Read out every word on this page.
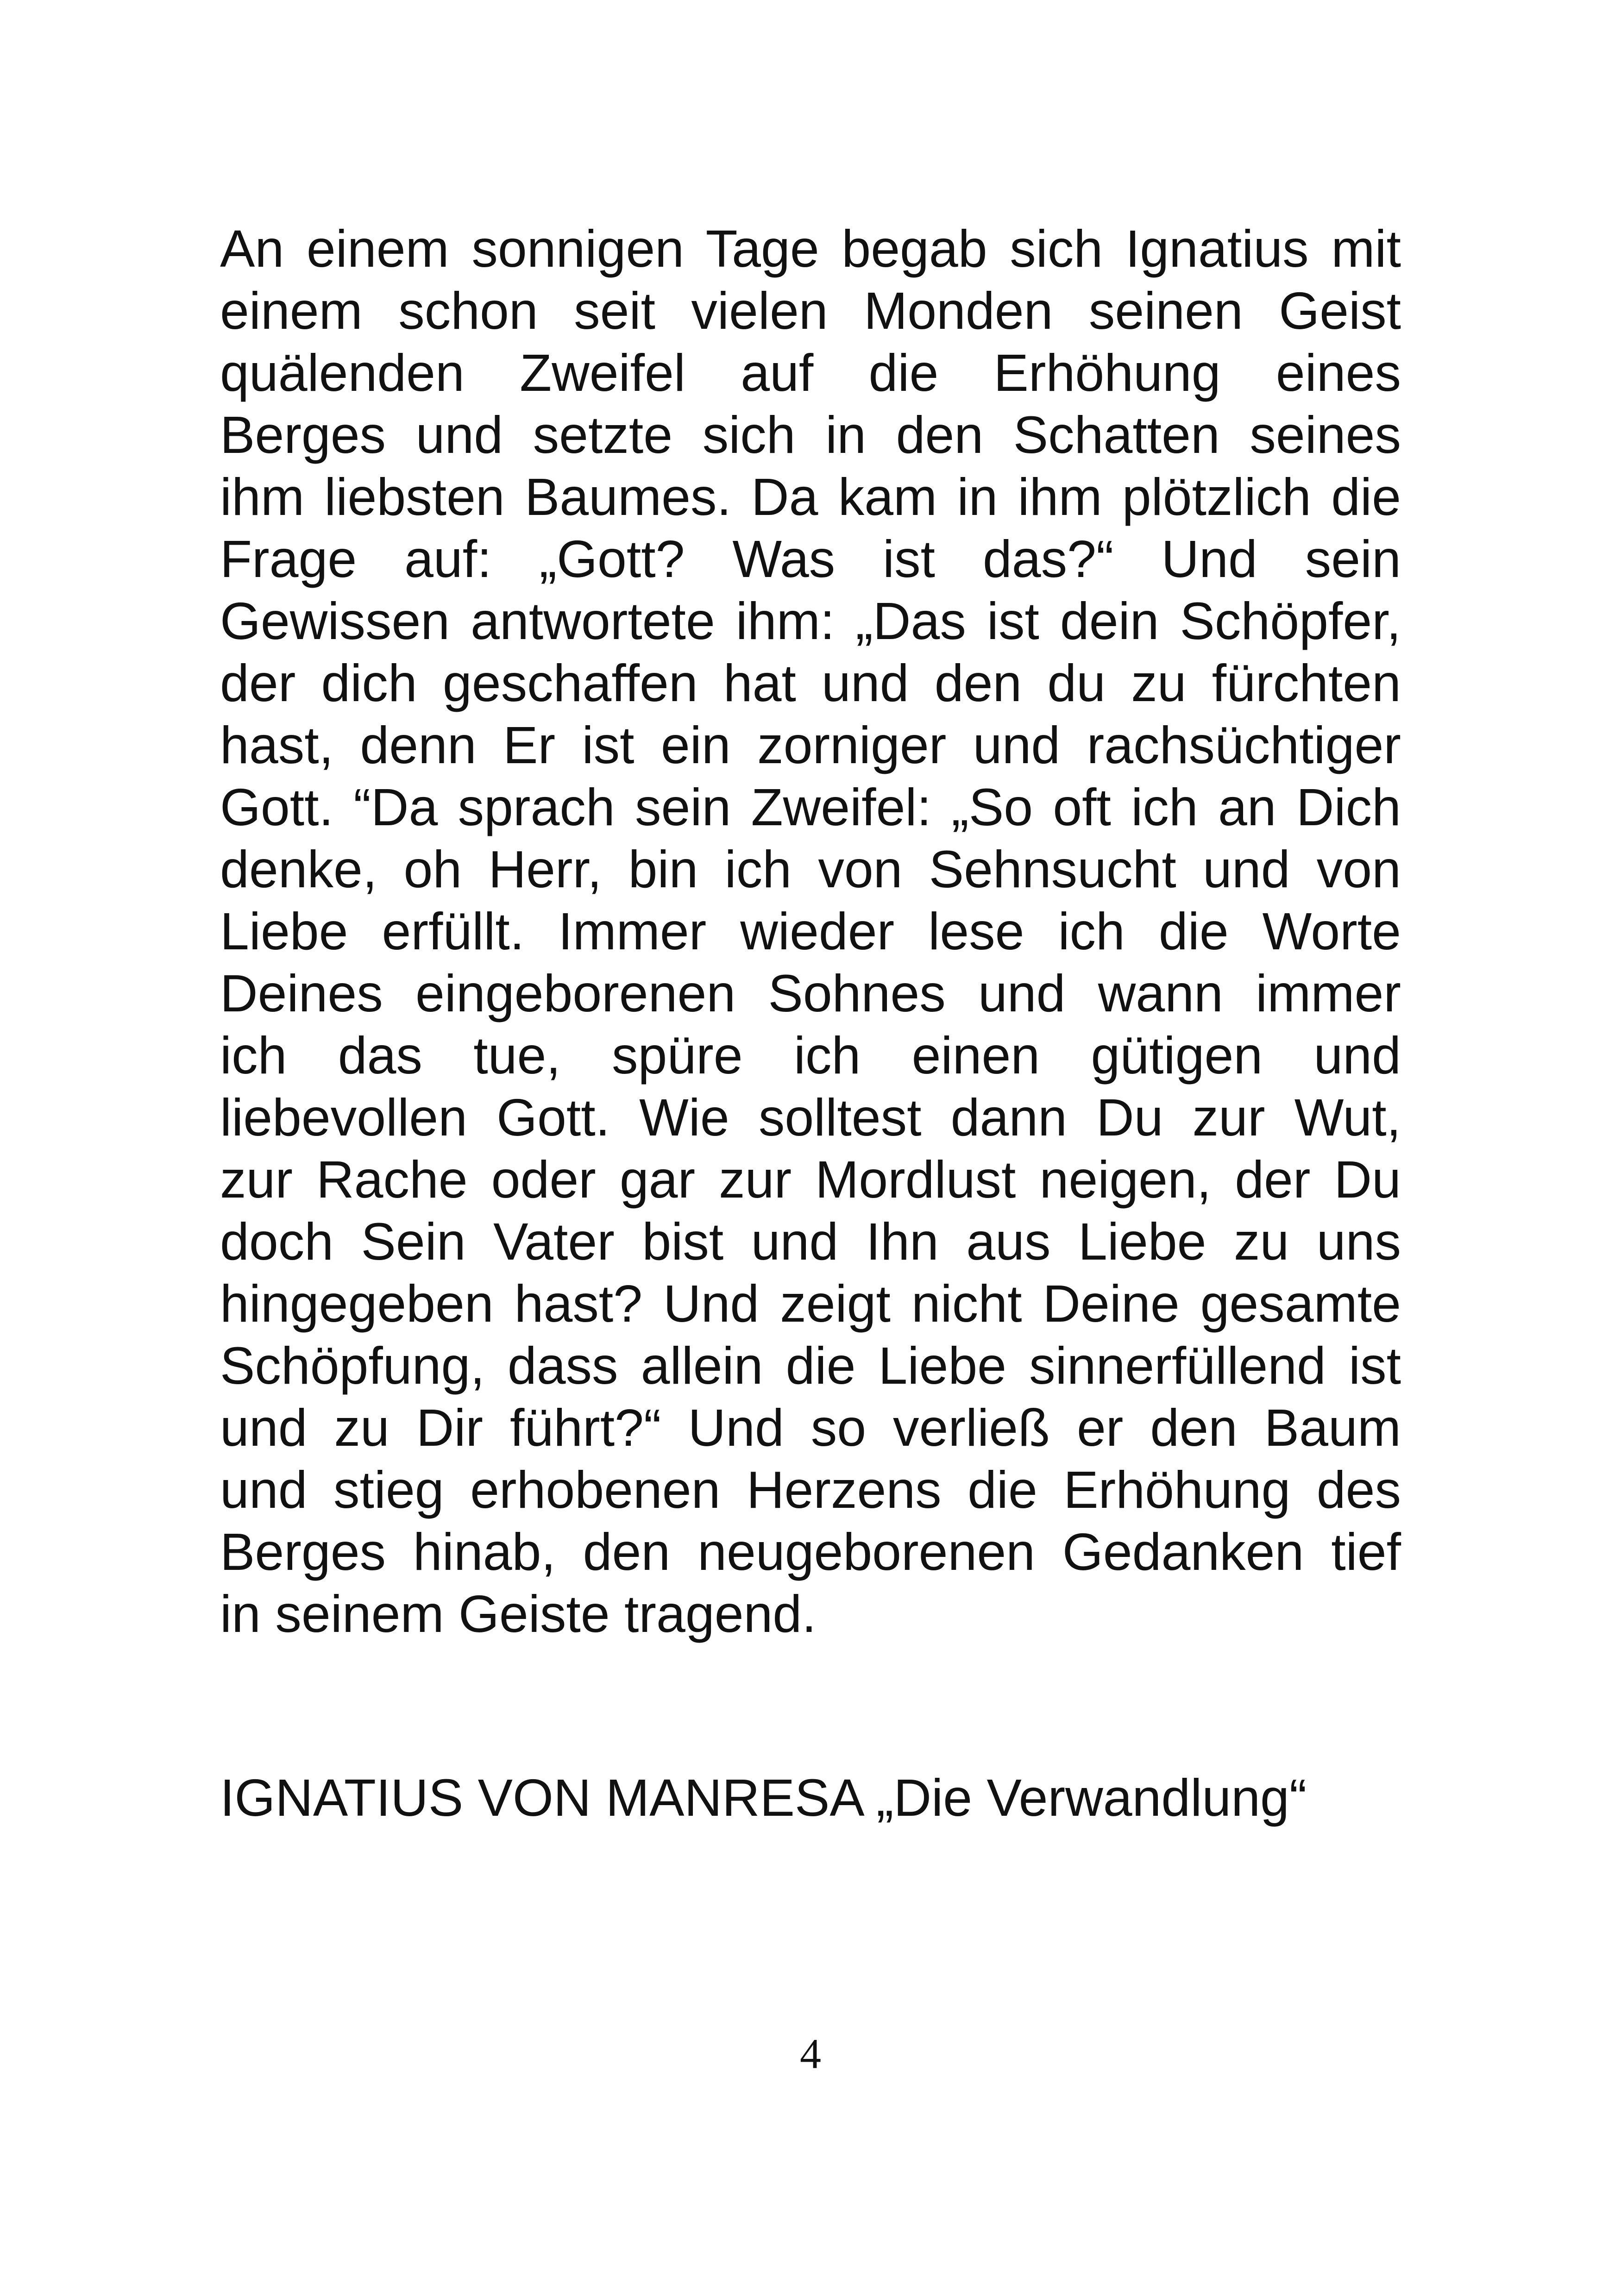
An einem sonnigen Tage begab sich Ignatius mit
einem schon seit vielen Monden seinen Geist
quälenden Zweifel auf die Erhöhung eines
Berges und setzte sich in den Schatten seines
ihm liebsten Baumes. Da kam in ihm plötzlich die
Frage auf: „Gott? Was ist das?“ Und sein
Gewissen antwortete ihm: „Das ist dein Schöpfer,
der dich geschaffen hat und den du zu fürchten
hast, denn Er ist ein zorniger und rachsüchtiger
Gott. “Da sprach sein Zweifel: „So oft ich an Dich
denke, oh Herr, bin ich von Sehnsucht und von
Liebe erfüllt. Immer wieder lese ich die Worte
Deines eingeborenen Sohnes und wann immer
ich das tue, spüre ich einen gütigen und
liebevollen Gott. Wie solltest dann Du zur Wut,
zur Rache oder gar zur Mordlust neigen, der Du
doch Sein Vater bist und Ihn aus Liebe zu uns
hingegeben hast? Und zeigt nicht Deine gesamte
Schöpfung, dass allein die Liebe sinnerfüllend ist
und zu Dir führt?“ Und so verließ er den Baum
und stieg erhobenen Herzens die Erhöhung des
Berges hinab, den neugeborenen Gedanken tief
in seinem Geiste tragend.

IGNATIUS VON MANRESA „Die Verwandlung“

4
